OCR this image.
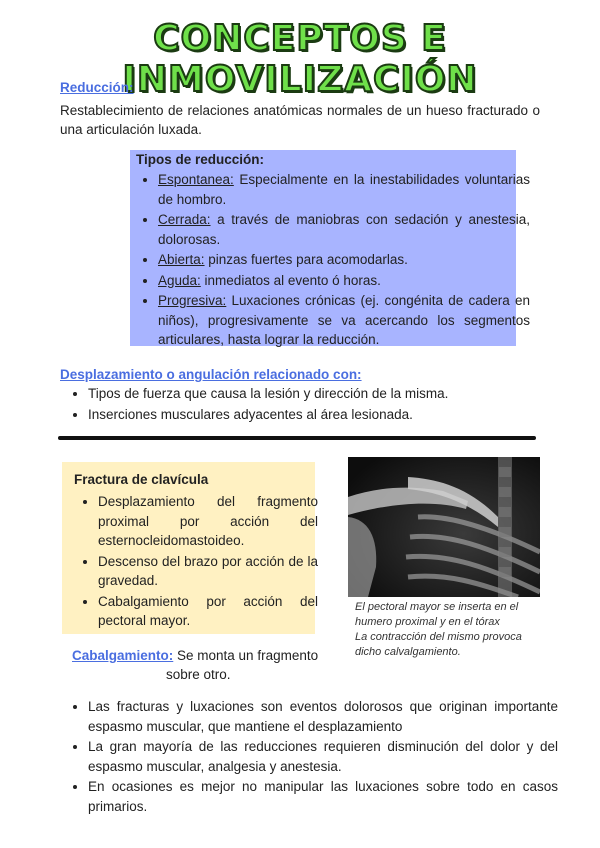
CONCEPTOS E INMOVILIZACIÓN
Reducción:

Restablecimiento de relaciones anatómicas normales de un hueso fracturado o una articulación luxada.

Tipos de reducción:
• Espontanea: Especialmente en la inestabilidades voluntarias de hombro.
• Cerrada: a través de maniobras con sedación y anestesia, dolorosas.
• Abierta: pinzas fuertes para acomodarlas.
• Aguda: inmediatos al evento ó horas.
• Progresiva: Luxaciones crónicas (ej. congénita de cadera en niños), progresivamente se va acercando los segmentos articulares, hasta lograr la reducción.
Desplazamiento o angulación relacionado con:
• Tipos de fuerza que causa la lesión y dirección de la misma.
• Inserciones musculares adyacentes al área lesionada.
Fractura de clavícula
• Desplazamiento del fragmento proximal por acción del esternocleidomastoideo.
• Descenso del brazo por acción de la gravedad.
• Cabalgamiento por acción del pectoral mayor.
El pectoral mayor se inserta en el humero proximal y en el tórax
La contracción del mismo provoca dicho calvalgamiento.
Cabalgamiento: Se monta un fragmento
sobre otro.
• Las fracturas y luxaciones son eventos dolorosos que originan importante espasmo muscular, que mantiene el desplazamiento
• La gran mayoría de las reducciones requieren disminución del dolor y del espasmo muscular, analgesia y anestesia.
• En ocasiones es mejor no manipular las luxaciones sobre todo en casos primarios.
